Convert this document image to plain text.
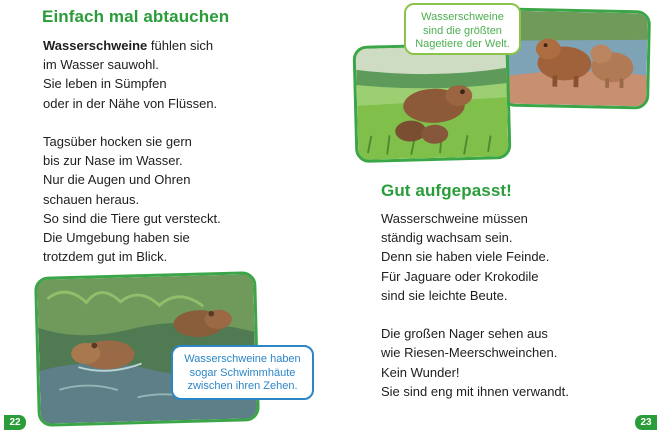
Einfach mal abtauchen
Wasserschweine fühlen sich
im Wasser sauwohl.
Sie leben in Sümpfen
oder in der Nähe von Flüssen.
Tagsüber hocken sie gern
bis zur Nase im Wasser.
Nur die Augen und Ohren
schauen heraus.
So sind die Tiere gut versteckt.
Die Umgebung haben sie
trotzdem gut im Blick.
Wasserschweine haben
sogar Schwimmhäute
zwischen ihren Zehen.
22
Wasserschweine
sind die größten
Nagetiere der Welt.
Gut aufgepasst!
Wasserschweine müssen
ständig wachsam sein.
Denn sie haben viele Feinde.
Für Jaguare oder Krokodile
sind sie leichte Beute.
Die großen Nager sehen aus
wie Riesen-Meerschweinchen.
Kein Wunder!
Sie sind eng mit ihnen verwandt.
23
